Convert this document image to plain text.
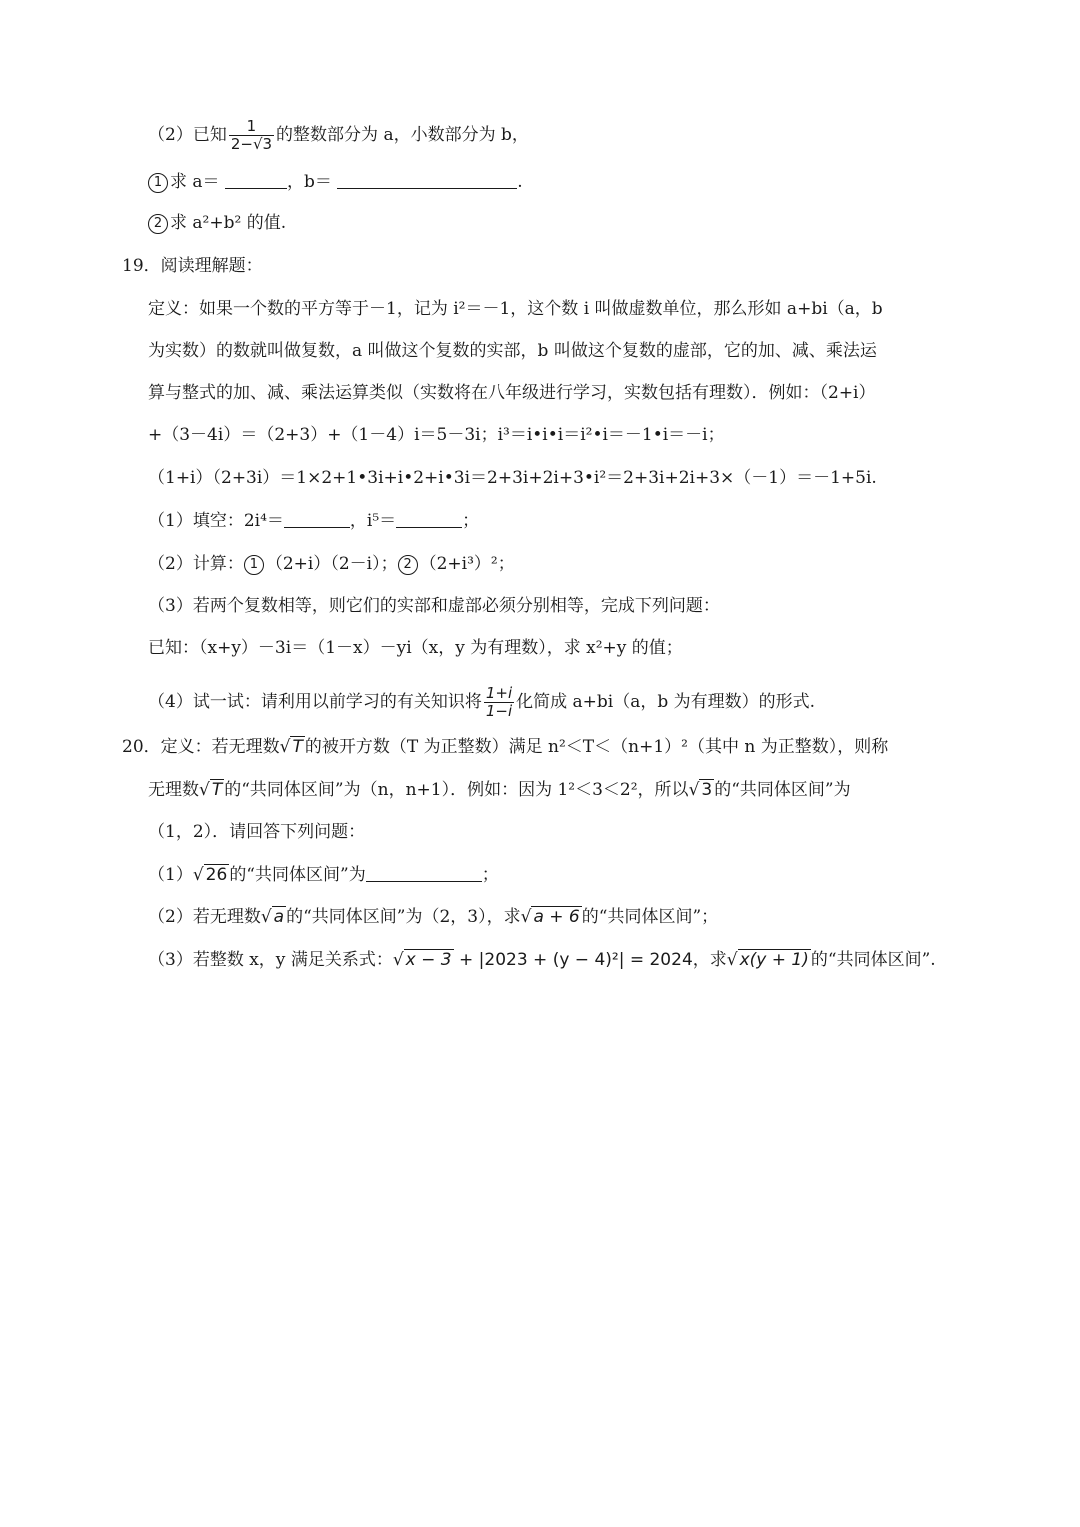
（2）已知 $\frac{1}{2-√3}$ 的整数部分为 a，小数部分为 b，
1 求 a＝	，b＝	.
2 求 a²+b² 的值.
19．阅读理解题：
定义：如果一个数的平方等于－1，记为 i²＝－1，这个数 i 叫做虚数单位，那么形如 a+bi（a，b
为实数）的数就叫做复数，a 叫做这个复数的实部，b 叫做这个复数的虚部，它的加、减、乘法运
算与整式的加、减、乘法运算类似（实数将在八年级进行学习，实数包括有理数）．例如：（2+i）
+（3－4i）＝（2+3）+（1－4）i＝5－3i；i³＝i•i•i＝i²•i＝－1•i＝－i；
（1+i）（2+3i）＝1×2+1•3i+i•2+i•3i＝2+3i+2i+3•i²＝2+3i+2i+3×（－1）＝－1+5i.
（1）填空：2i⁴＝	，i⁵＝	；
（2）计算： 1 （2+i）（2－i）； 2 （2+i³）²；
（3）若两个复数相等，则它们的实部和虚部必须分别相等，完成下列问题：
已知：（x+y）－3i＝（1－x）－yi（x，y 为有理数），求 x²+y 的值；
（4）试一试：请利用以前学习的有关知识将 $\frac{1+i}{1-i}$ 化简成 a+bi（a，b 为有理数）的形式.
20．定义：若无理数√ T 的被开方数（T 为正整数）满足 n²＜T＜（n+1）²（其中 n 为正整数），则称
无理数√ T 的“共同体区间”为（n，n+1）．例如：因为 1²＜3＜2²，所以√ 3 的“共同体区间”为
（1，2）．请回答下列问题：
（1）√ 26 的“共同体区间”为	；
（2）若无理数√ a 的“共同体区间”为（2，3），求√ a + 6 的“共同体区间”；
（3）若整数 x，y 满足关系式：√ x − 3 + |2023 + (y − 4)²| = 2024，求√ x(y + 1) 的“共同体区间”.
